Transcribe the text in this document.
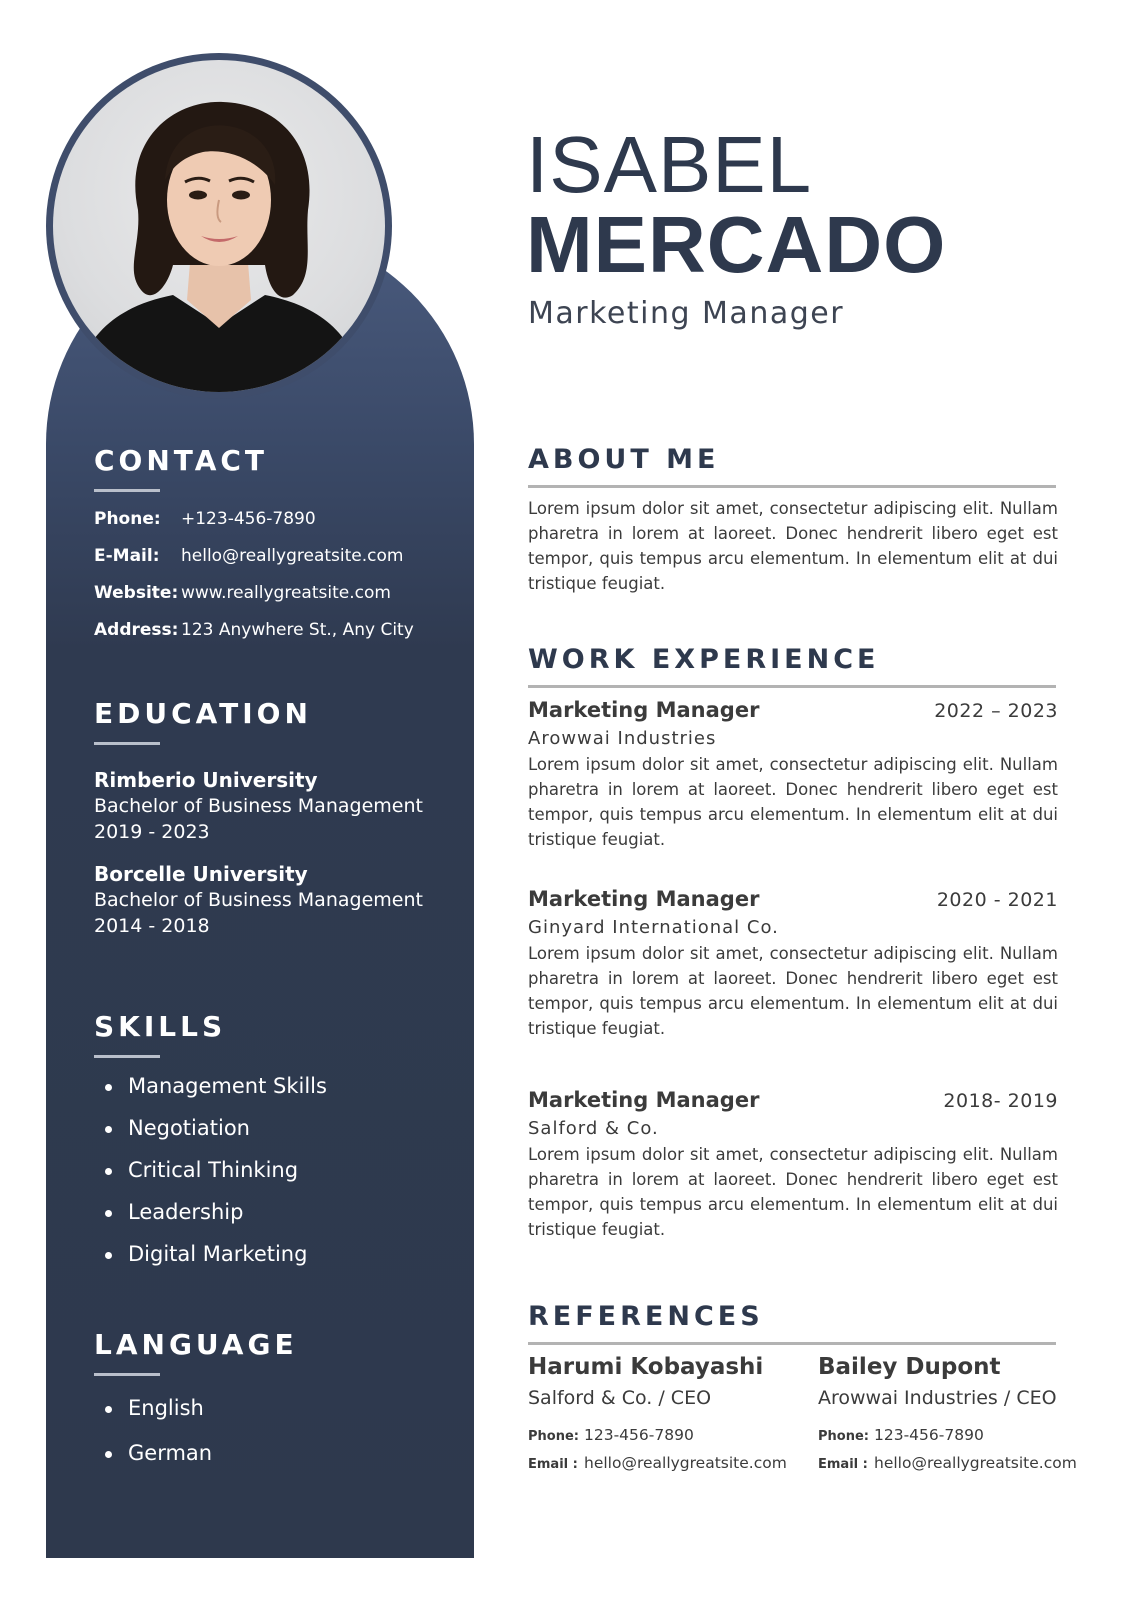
CONTACT
Phone:	+123-456-7890
E-Mail:	hello@reallygreatsite.com
Website: www.reallygreatsite.com
Address: 123 Anywhere St., Any City
EDUCATION
Rimberio University
Bachelor of Business Management
2019 - 2023
Borcelle University
Bachelor of Business Management
2014 - 2018
SKILLS
Management Skills
Negotiation
Critical Thinking
Leadership
Digital Marketing
LANGUAGE
English
German
ISABEL
MERCADO

Marketing Manager

ABOUT ME

Lorem ipsum dolor sit amet, consectetur adipiscing elit. Nullam pharetra in lorem at laoreet. Donec hendrerit libero eget est tempor, quis tempus arcu elementum. In elementum elit at dui tristique feugiat.

WORK EXPERIENCE
Marketing Manager	2022 – 2023
Arowwai Industries

Lorem ipsum dolor sit amet, consectetur adipiscing elit. Nullam pharetra in lorem at laoreet. Donec hendrerit libero eget est tempor, quis tempus arcu elementum. In elementum elit at dui tristique feugiat.

Marketing Manager	2020 - 2021
Ginyard International Co.

Lorem ipsum dolor sit amet, consectetur adipiscing elit. Nullam pharetra in lorem at laoreet. Donec hendrerit libero eget est tempor, quis tempus arcu elementum. In elementum elit at dui tristique feugiat.

Marketing Manager	2018- 2019
Salford & Co.

Lorem ipsum dolor sit amet, consectetur adipiscing elit. Nullam pharetra in lorem at laoreet. Donec hendrerit libero eget est tempor, quis tempus arcu elementum. In elementum elit at dui tristique feugiat.

REFERENCES
Harumi Kobayashi
Salford & Co. / CEO
Phone: 123-456-7890
Email : hello@reallygreatsite.com
Bailey Dupont
Arowwai Industries / CEO
Phone: 123-456-7890
Email : hello@reallygreatsite.com
